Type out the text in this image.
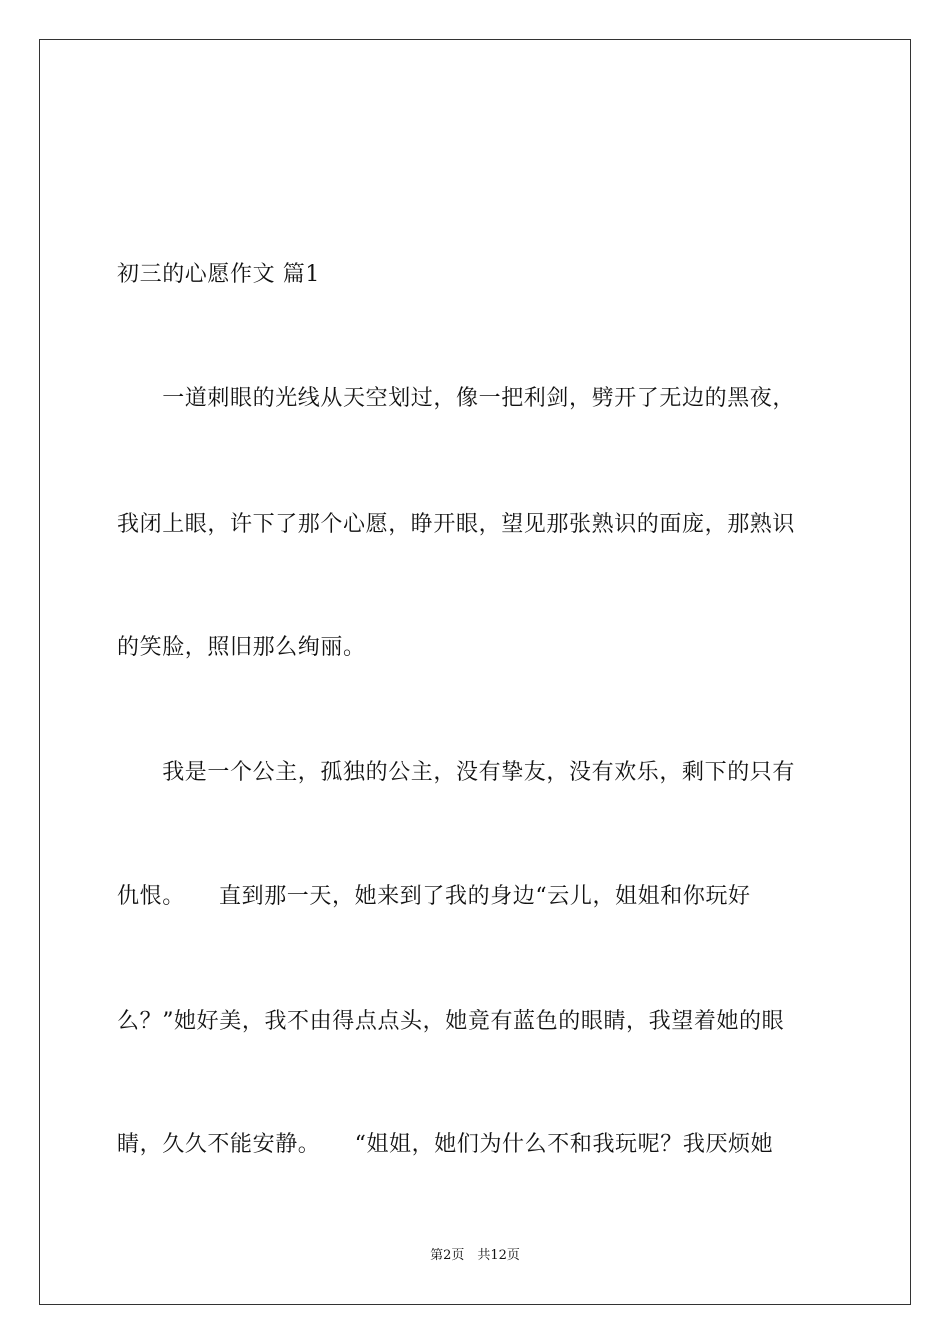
初三的心愿作文 篇1
　　一道刺眼的光线从天空划过，像一把利剑，劈开了无边的黑夜，
我闭上眼，许下了那个心愿，睁开眼，望见那张熟识的面庞，那熟识
的笑脸，照旧那么绚丽。
　　我是一个公主，孤独的公主，没有挚友，没有欢乐，剩下的只有
仇恨。　　直到那一天，她来到了我的身边“云儿，姐姐和你玩好
么？”她好美，我不由得点点头，她竟有蓝色的眼睛，我望着她的眼
睛，久久不能安静。　　“姐姐，她们为什么不和我玩呢？我厌烦她
第2页　共12页
